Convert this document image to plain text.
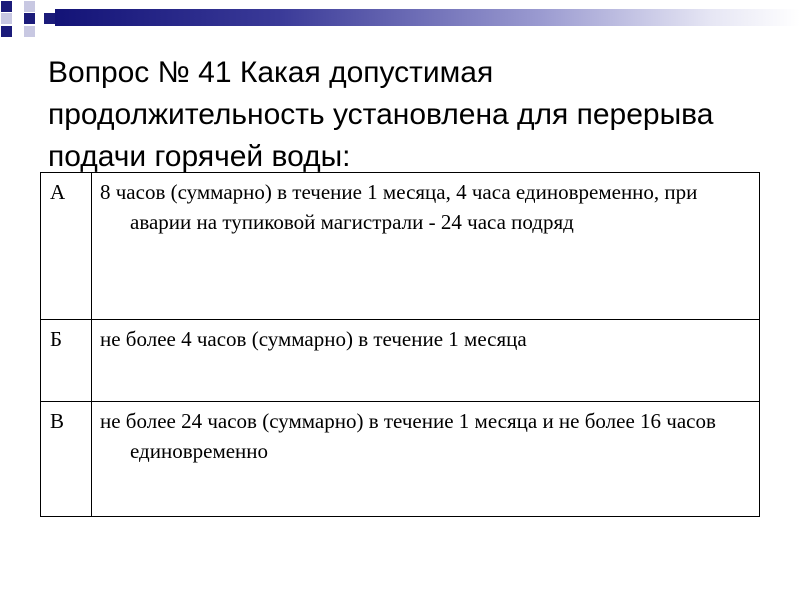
Вопрос № 41 Какая допустимая продолжительность установлена для перерыва подачи горячей воды:
А	8 часов (суммарно) в течение 1 месяца, 4 часа единовременно, при аварии на тупиковой магистрали - 24 часа подряд

Б	не более 4 часов (суммарно) в течение 1 месяца

В	не более 24 часов (суммарно) в течение 1 месяца и не более 16 часов единовременно
